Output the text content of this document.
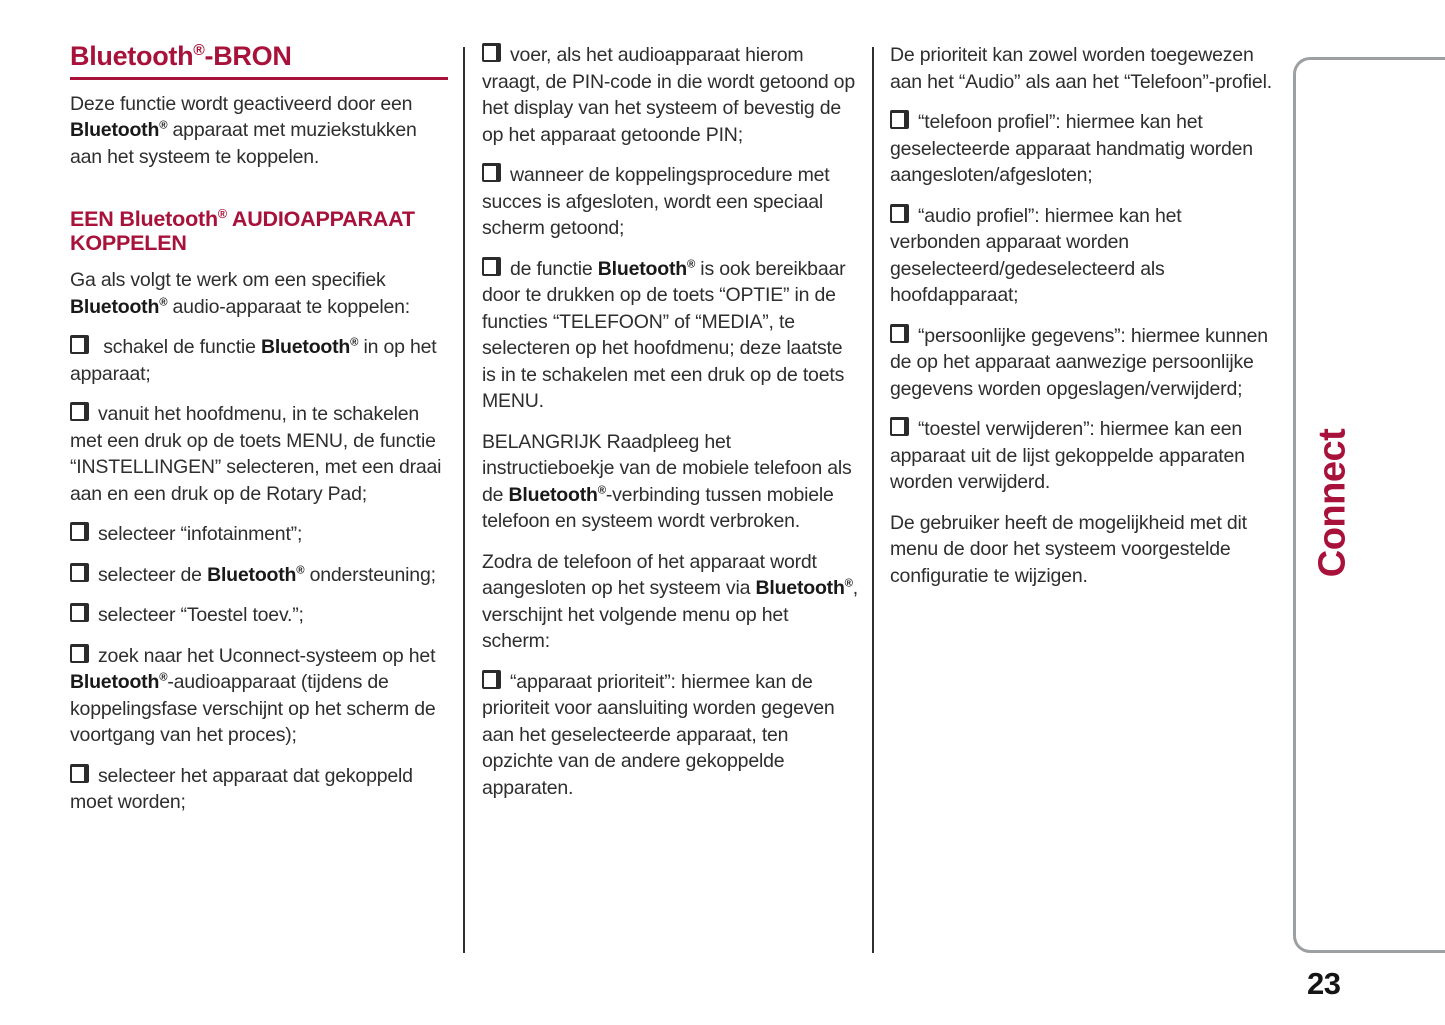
Bluetooth®-BRON

Deze functie wordt geactiveerd door een Bluetooth® apparaat met muziekstukken aan het systeem te koppelen.

EEN Bluetooth® AUDIOAPPARAAT KOPPELEN

Ga als volgt te werk om een specifiek Bluetooth® audio-apparaat te koppelen:

schakel de functie Bluetooth® in op het apparaat;

vanuit het hoofdmenu, in te schakelen met een druk op de toets MENU, de functie “INSTELLINGEN” selecteren, met een draai aan en een druk op de Rotary Pad;

selecteer “infotainment”;

selecteer de Bluetooth® ondersteuning;

selecteer “Toestel toev.”;

zoek naar het Uconnect-systeem op het Bluetooth®-audioapparaat (tijdens de koppelingsfase verschijnt op het scherm de voortgang van het proces);

selecteer het apparaat dat gekoppeld moet worden;

voer, als het audioapparaat hierom vraagt, de PIN-code in die wordt getoond op het display van het systeem of bevestig de op het apparaat getoonde PIN;

wanneer de koppelingsprocedure met succes is afgesloten, wordt een speciaal scherm getoond;

de functie Bluetooth® is ook bereikbaar door te drukken op de toets “OPTIE” in de functies “TELEFOON” of “MEDIA”, te selecteren op het hoofdmenu; deze laatste is in te schakelen met een druk op de toets MENU.

BELANGRIJK Raadpleeg het instructieboekje van de mobiele telefoon als de Bluetooth®-verbinding tussen mobiele telefoon en systeem wordt verbroken.

Zodra de telefoon of het apparaat wordt aangesloten op het systeem via Bluetooth®, verschijnt het volgende menu op het scherm:

“apparaat prioriteit”: hiermee kan de prioriteit voor aansluiting worden gegeven aan het geselecteerde apparaat, ten opzichte van de andere gekoppelde apparaten.

De prioriteit kan zowel worden toegewezen aan het “Audio” als aan het “Telefoon”-profiel.

“telefoon profiel”: hiermee kan het geselecteerde apparaat handmatig worden aangesloten/afgesloten;

“audio profiel”: hiermee kan het verbonden apparaat worden geselecteerd/gedeselecteerd als hoofdapparaat;

“persoonlijke gegevens”: hiermee kunnen de op het apparaat aanwezige persoonlijke gegevens worden opgeslagen/verwijderd;

“toestel verwijderen”: hiermee kan een apparaat uit de lijst gekoppelde apparaten worden verwijderd.

De gebruiker heeft de mogelijkheid met dit menu de door het systeem voorgestelde configuratie te wijzigen.	Connect
23
